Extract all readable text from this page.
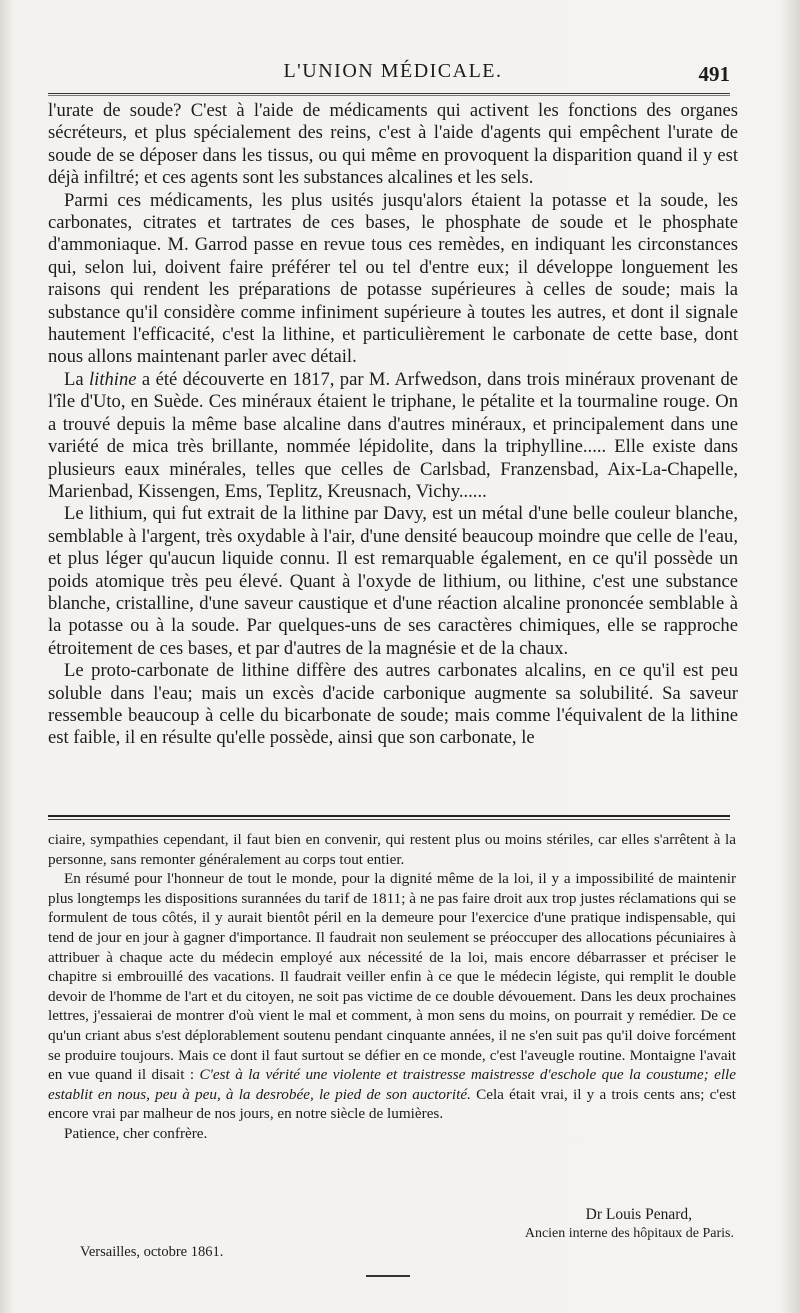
L'UNION MÉDICALE.	491

l'urate de soude? C'est à l'aide de médicaments qui activent les fonctions des organes sécréteurs, et plus spécialement des reins, c'est à l'aide d'agents qui empêchent l'urate de soude de se déposer dans les tissus, ou qui même en provoquent la disparition quand il y est déjà infiltré; et ces agents sont les substances alcalines et les sels.

Parmi ces médicaments, les plus usités jusqu'alors étaient la potasse et la soude, les carbonates, citrates et tartrates de ces bases, le phosphate de soude et le phosphate d'ammoniaque. M. Garrod passe en revue tous ces remèdes, en indiquant les circonstances qui, selon lui, doivent faire préférer tel ou tel d'entre eux; il développe longuement les raisons qui rendent les préparations de potasse supérieures à celles de soude; mais la substance qu'il considère comme infiniment supérieure à toutes les autres, et dont il signale hautement l'efficacité, c'est la lithine, et particulièrement le carbonate de cette base, dont nous allons maintenant parler avec détail.

La lithine a été découverte en 1817, par M. Arfwedson, dans trois minéraux provenant de l'île d'Uto, en Suède. Ces minéraux étaient le triphane, le pétalite et la tourmaline rouge. On a trouvé depuis la même base alcaline dans d'autres minéraux, et principalement dans une variété de mica très brillante, nommée lépidolite, dans la triphylline..... Elle existe dans plusieurs eaux minérales, telles que celles de Carlsbad, Franzensbad, Aix-La-Chapelle, Marienbad, Kissengen, Ems, Teplitz, Kreusnach, Vichy......

Le lithium, qui fut extrait de la lithine par Davy, est un métal d'une belle couleur blanche, semblable à l'argent, très oxydable à l'air, d'une densité beaucoup moindre que celle de l'eau, et plus léger qu'aucun liquide connu. Il est remarquable également, en ce qu'il possède un poids atomique très peu élevé. Quant à l'oxyde de lithium, ou lithine, c'est une substance blanche, cristalline, d'une saveur caustique et d'une réaction alcaline prononcée semblable à la potasse ou à la soude. Par quelques-uns de ses caractères chimiques, elle se rapproche étroitement de ces bases, et par d'autres de la magnésie et de la chaux.

Le proto-carbonate de lithine diffère des autres carbonates alcalins, en ce qu'il est peu soluble dans l'eau; mais un excès d'acide carbonique augmente sa solubilité. Sa saveur ressemble beaucoup à celle du bicarbonate de soude; mais comme l'équivalent de la lithine est faible, il en résulte qu'elle possède, ainsi que son carbonate, le

ciaire, sympathies cependant, il faut bien en convenir, qui restent plus ou moins stériles, car elles s'arrêtent à la personne, sans remonter généralement au corps tout entier.

En résumé pour l'honneur de tout le monde, pour la dignité même de la loi, il y a impossibilité de maintenir plus longtemps les dispositions surannées du tarif de 1811; à ne pas faire droit aux trop justes réclamations qui se formulent de tous côtés, il y aurait bientôt péril en la demeure pour l'exercice d'une pratique indispensable, qui tend de jour en jour à gagner d'importance. Il faudrait non seulement se préoccuper des allocations pécuniaires à attribuer à chaque acte du médecin employé aux nécessité de la loi, mais encore débarrasser et préciser le chapitre si embrouillé des vacations. Il faudrait veiller enfin à ce que le médecin légiste, qui remplit le double devoir de l'homme de l'art et du citoyen, ne soit pas victime de ce double dévouement. Dans les deux prochaines lettres, j'essaierai de montrer d'où vient le mal et comment, à mon sens du moins, on pourrait y remédier. De ce qu'un criant abus s'est déplorablement soutenu pendant cinquante années, il ne s'en suit pas qu'il doive forcément se produire toujours. Mais ce dont il faut surtout se défier en ce monde, c'est l'aveugle routine. Montaigne l'avait en vue quand il disait : C'est à la vérité une violente et traistresse maistresse d'eschole que la coustume; elle establit en nous, peu à peu, à la desrobée, le pied de son auctorité. Cela était vrai, il y a trois cents ans; c'est encore vrai par malheur de nos jours, en notre siècle de lumières.

Patience, cher confrère.

Dr Louis Penard,
Ancien interne des hôpitaux de Paris.
Versailles, octobre 1861.
